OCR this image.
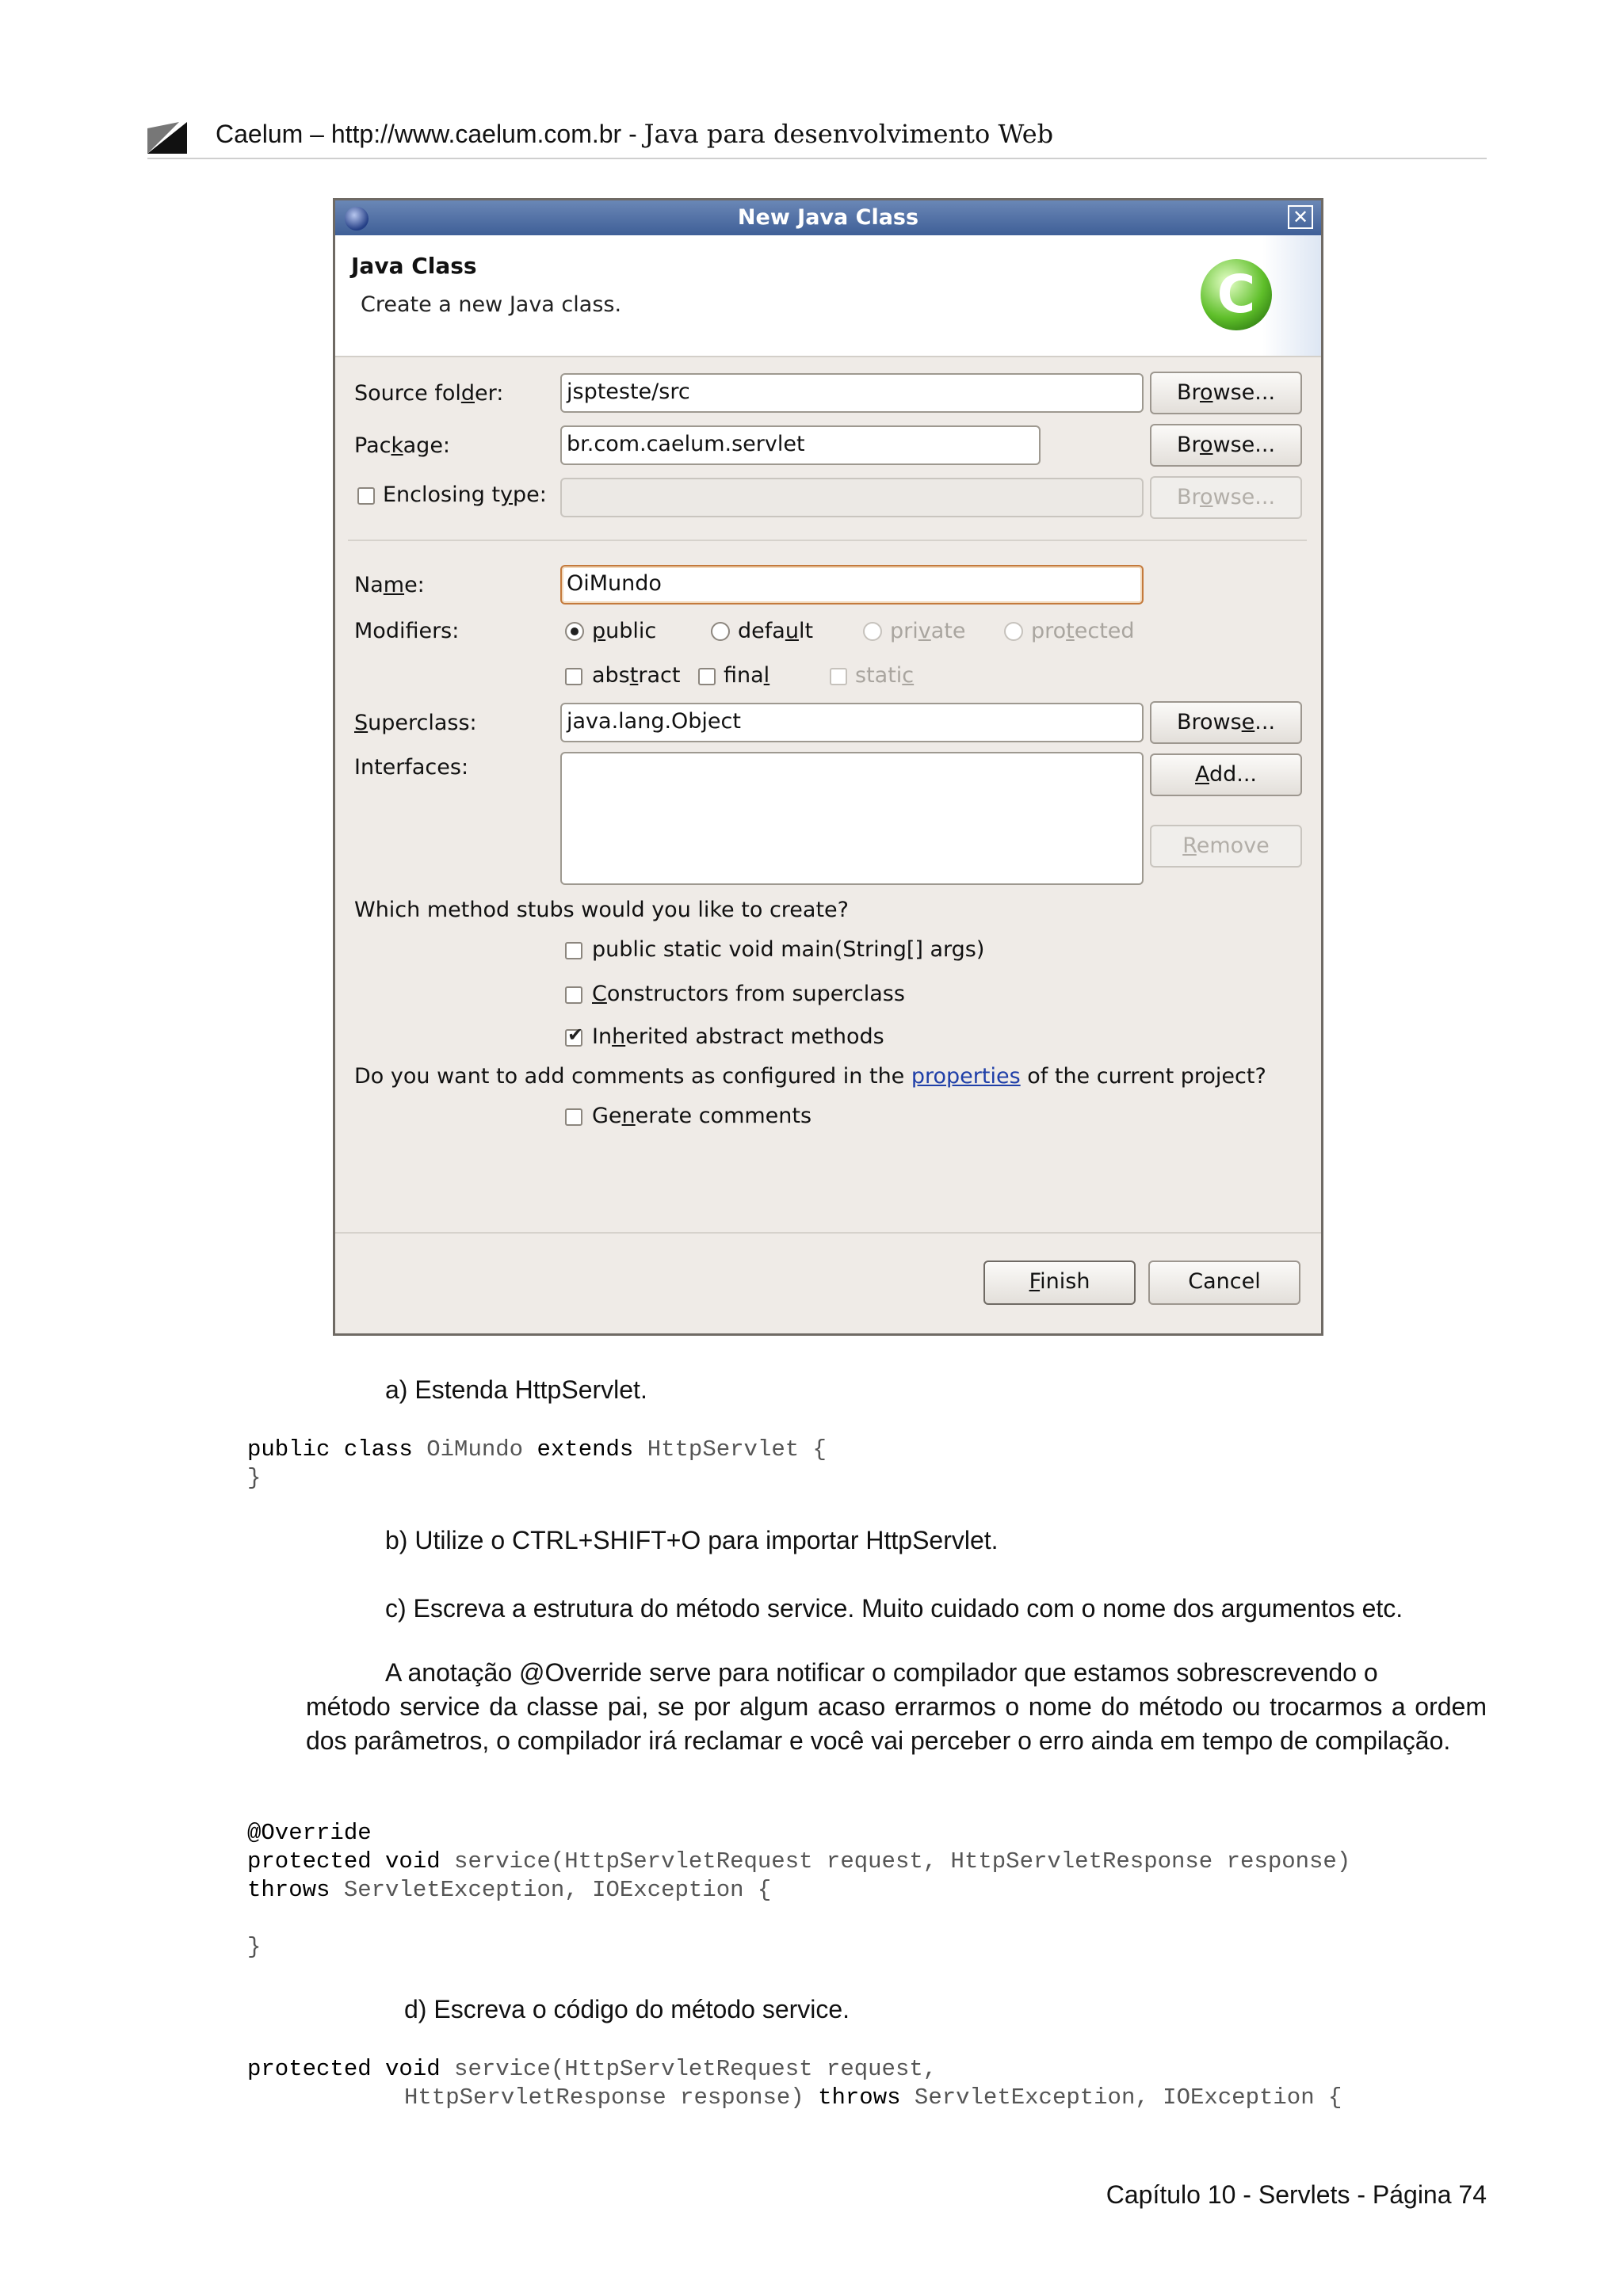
Caelum – http://www.caelum.com.br - Java para desenvolvimento Web
New Java Class	✕
Java Class
Create a new Java class.	C
Source folder:	jspteste/src	Browse...
Package:	br.com.caelum.servlet	Browse...
Enclosing type:	Browse...
Name:	OiMundo
Modifiers:	public	default	private	protected
abstract final	static
Superclass:	java.lang.Object	Browse...
Interfaces:	Add...
Remove
Which method stubs would you like to create?
public static void main(String[] args)
Constructors from superclass
✔ Inherited abstract methods
Do you want to add comments as configured in the properties of the current project?
Generate comments
Finish	Cancel
a) Estenda HttpServlet.
public class OiMundo extends HttpServlet {
}
b) Utilize o CTRL+SHIFT+O para importar HttpServlet.
c) Escreva a estrutura do método service. Muito cuidado com o nome dos argumentos etc.
A anotação @Override serve para notificar o compilador que estamos sobrescrevendo o
método service da classe pai, se por algum acaso errarmos o nome do método ou trocarmos a ordem dos parâmetros, o compilador irá reclamar e você vai perceber o erro ainda em tempo de compilação.
@Override
protected void service(HttpServletRequest request, HttpServletResponse response)
throws ServletException, IOException {

}
d) Escreva o código do método service.
protected void service(HttpServletRequest request,
HttpServletResponse response) throws ServletException, IOException {
Capítulo 10 - Servlets - Página 74
